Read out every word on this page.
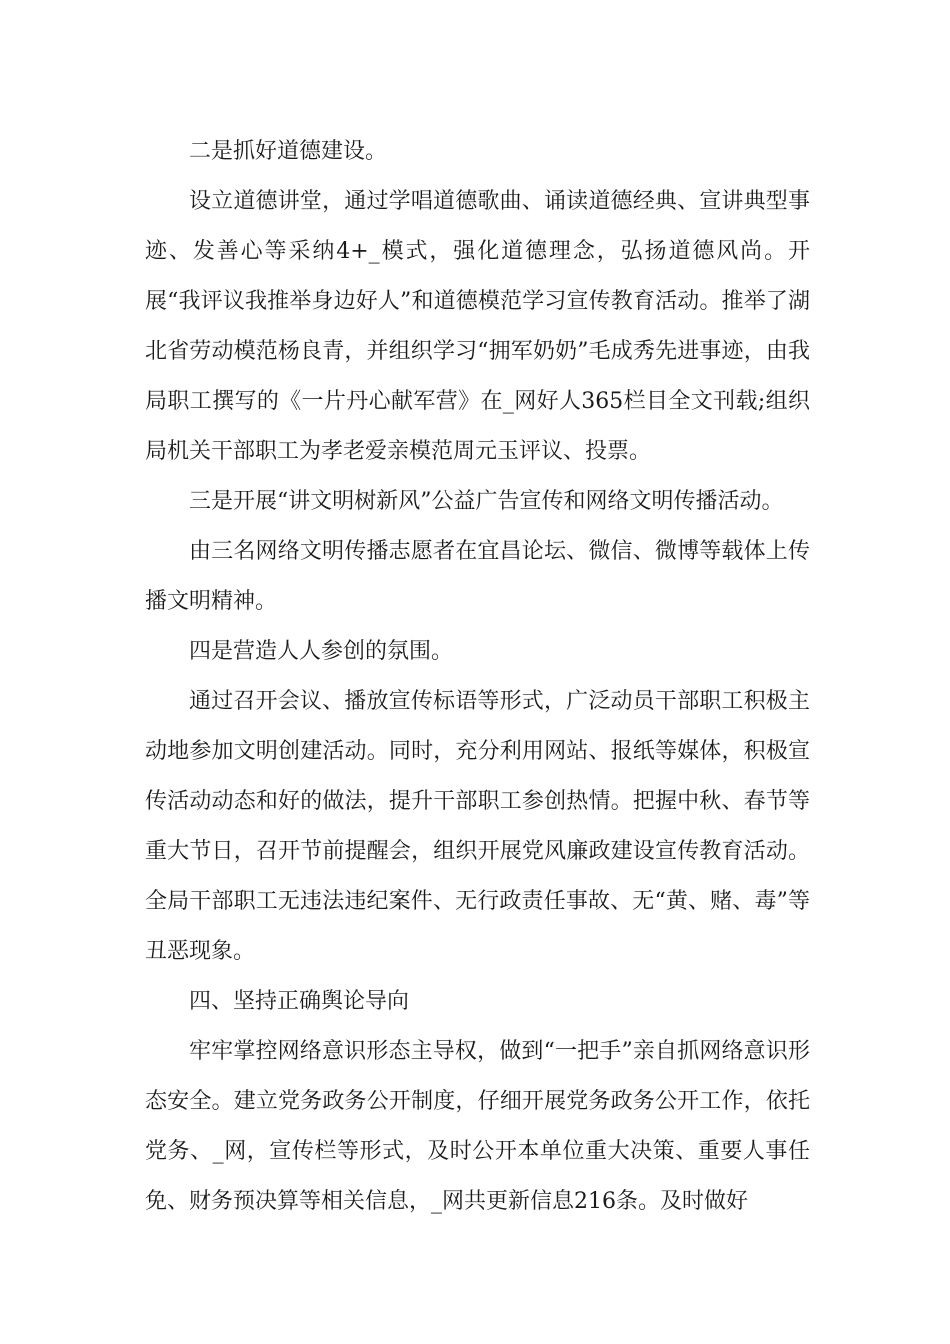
二是抓好道德建设。

设立道德讲堂，通过学唱道德歌曲、诵读道德经典、宣讲典型事迹、发善心等采纳4+_模式，强化道德理念，弘扬道德风尚。开展“我评议我推举身边好人”和道德模范学习宣传教育活动。推举了湖北省劳动模范杨良青，并组织学习“拥军奶奶”毛成秀先进事迹，由我局职工撰写的《一片丹心献军营》在_网好人365栏目全文刊载;组织局机关干部职工为孝老爱亲模范周元玉评议、投票。

三是开展“讲文明树新风”公益广告宣传和网络文明传播活动。

由三名网络文明传播志愿者在宜昌论坛、微信、微博等载体上传播文明精神。

四是营造人人参创的氛围。

通过召开会议、播放宣传标语等形式，广泛动员干部职工积极主动地参加文明创建活动。同时，充分利用网站、报纸等媒体，积极宣传活动动态和好的做法，提升干部职工参创热情。把握中秋、春节等重大节日，召开节前提醒会，组织开展党风廉政建设宣传教育活动。全局干部职工无违法违纪案件、无行政责任事故、无“黄、赌、毒”等丑恶现象。

四、坚持正确舆论导向

牢牢掌控网络意识形态主导权，做到“一把手”亲自抓网络意识形态安全。建立党务政务公开制度，仔细开展党务政务公开工作，依托党务、_网，宣传栏等形式，及时公开本单位重大决策、重要人事任免、财务预决算等相关信息，_网共更新信息216条。及时做好
